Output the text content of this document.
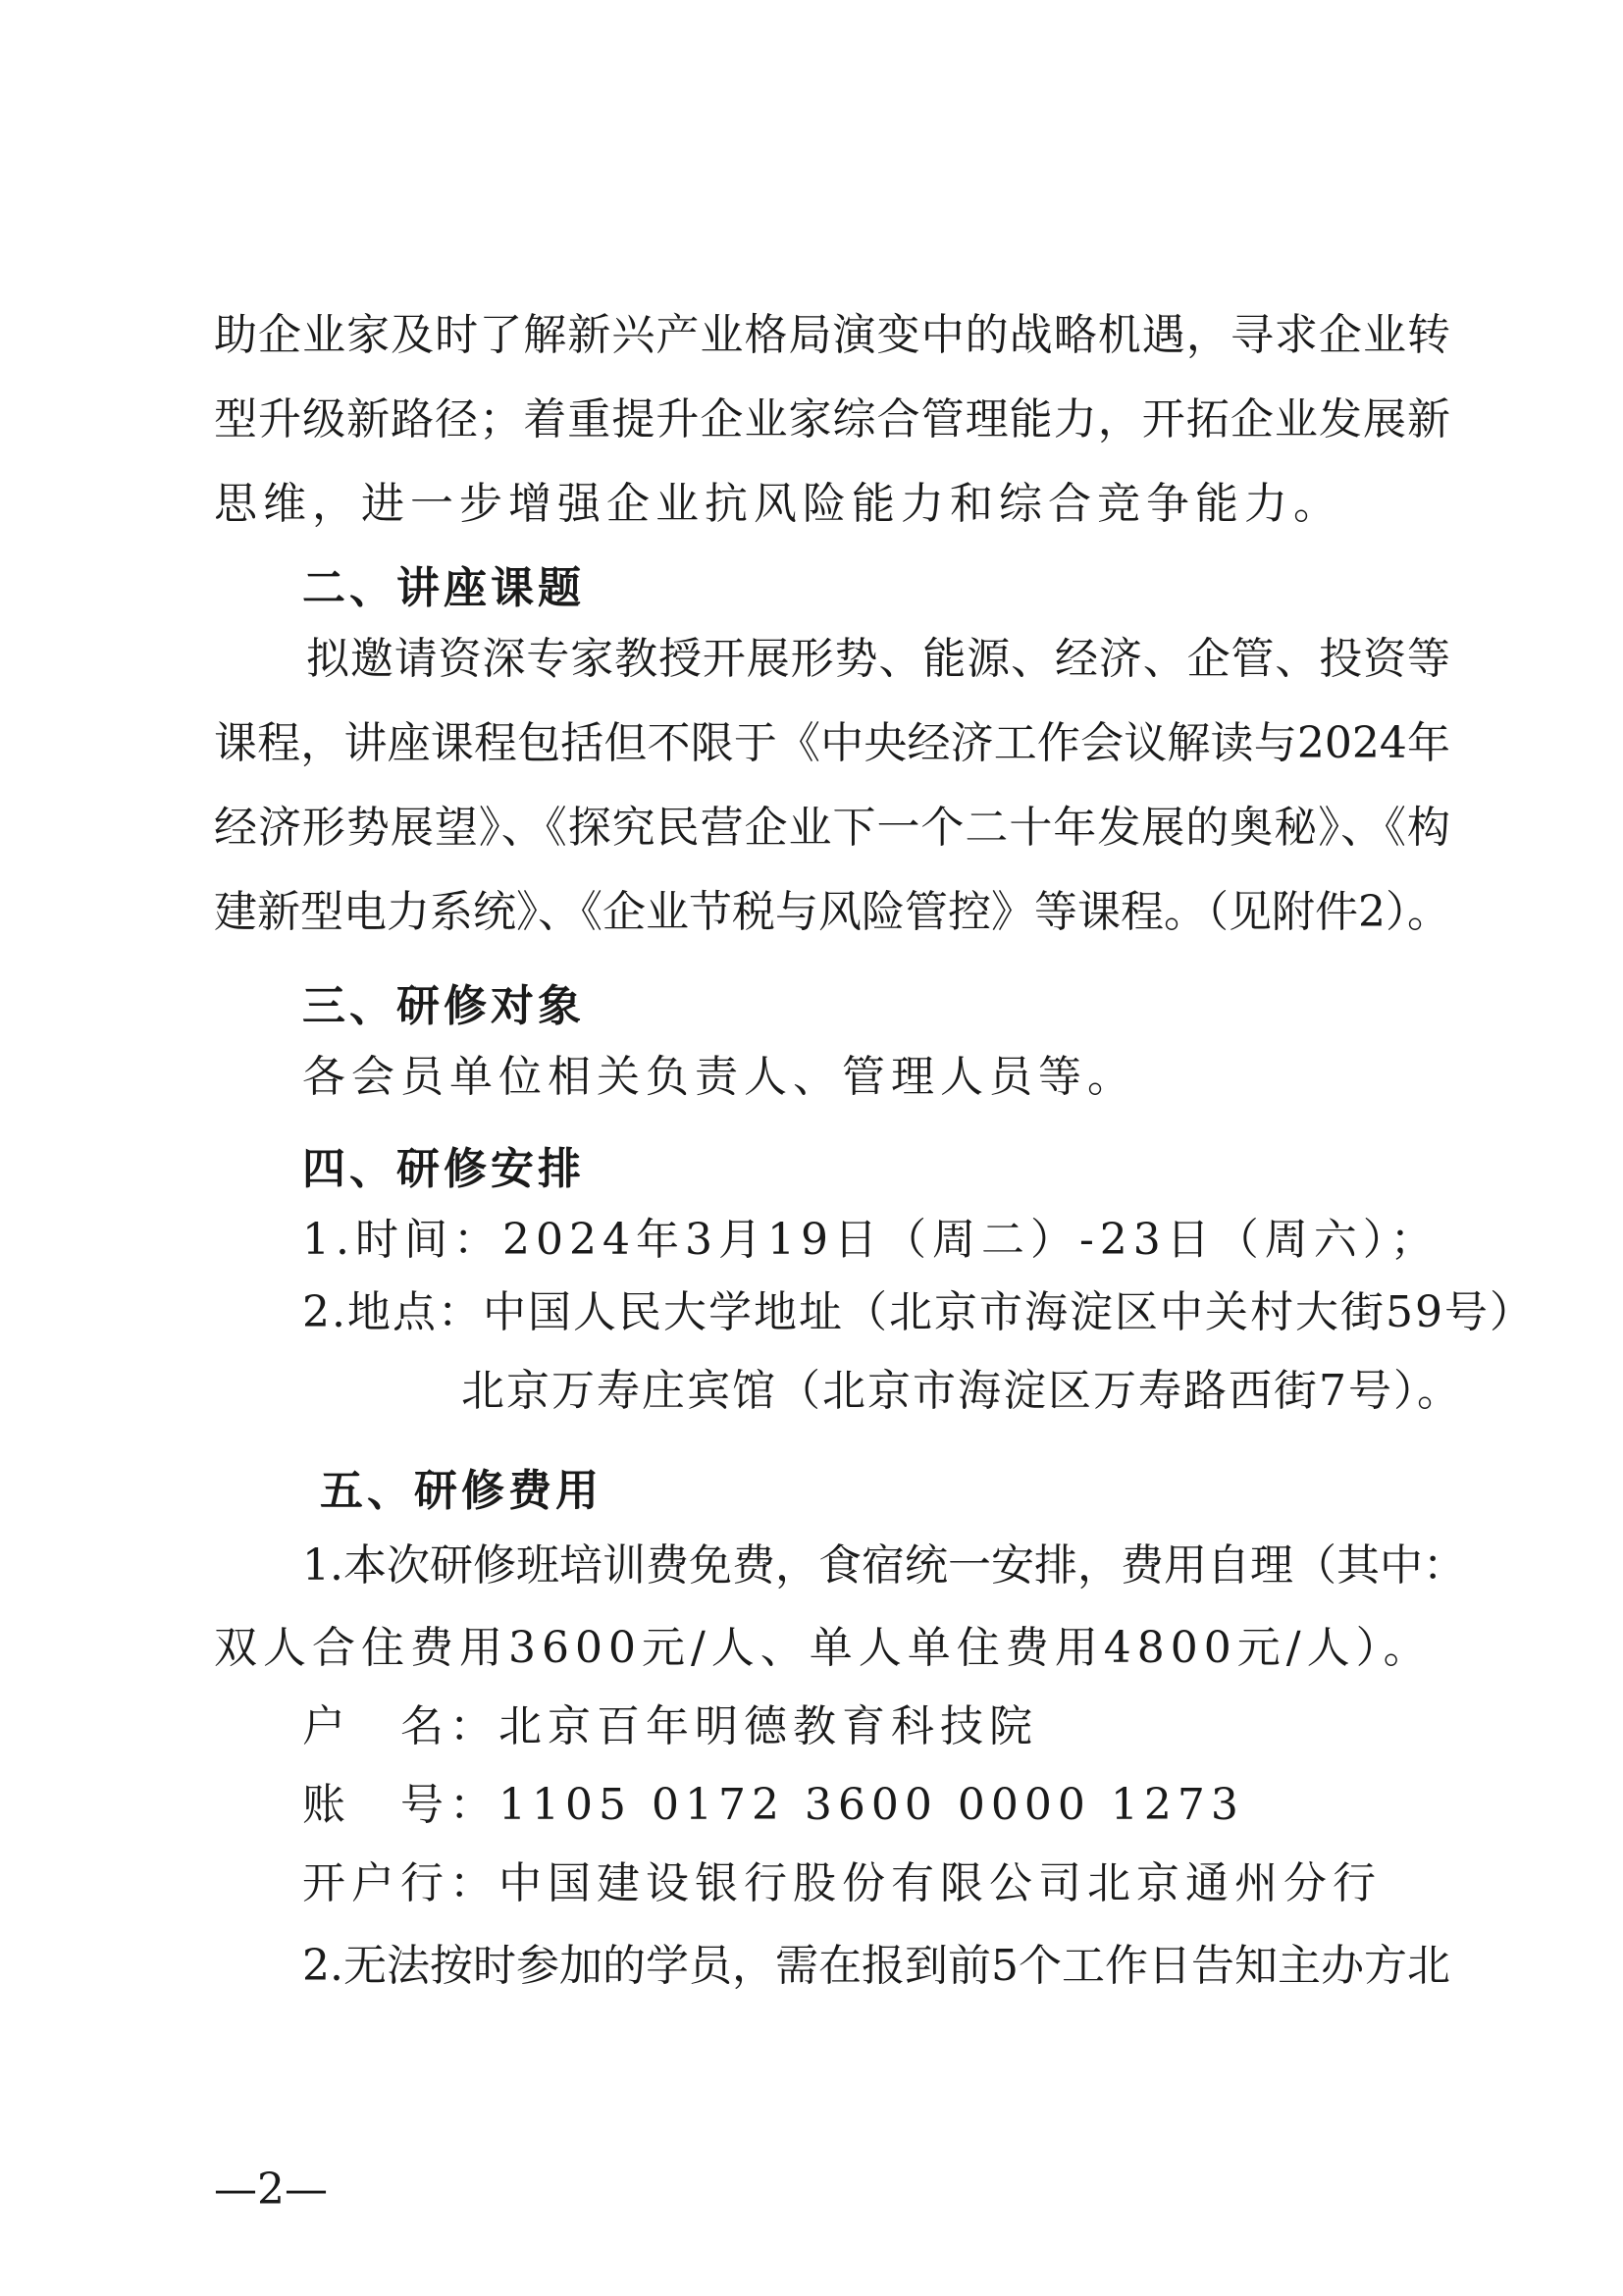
助企业家及时了解新兴产业格局演变中的战略机遇，寻求企业转
型升级新路径；着重提升企业家综合管理能力，开拓企业发展新
思维，进一步增强企业抗风险能力和综合竞争能力。
二、讲座课题
拟邀请资深专家教授开展形势、能源、经济、企管、投资等
课程，讲座课程包括但不限于《中央经济工作会议解读与2024年
经济形势展望》、《探究民营企业下一个二十年发展的奥秘》、《构
建新型电力系统》、《企业节税与风险管控》等课程。（见附件2）。
三、研修对象
各会员单位相关负责人、管理人员等。
四、研修安排
1.时间：2024年3月19日（周二）-23日（周六）；
2.地点：中国人民大学地址（北京市海淀区中关村大街59号）
北京万寿庄宾馆（北京市海淀区万寿路西街7号）。
五、研修费用
1.本次研修班培训费免费，食宿统一安排，费用自理（其中：
双人合住费用3600元/人、单人单住费用4800元/人）。
户　名：北京百年明德教育科技院
账　号：1105 0172 3600 0000 1273
开户行：中国建设银行股份有限公司北京通州分行
2.无法按时参加的学员，需在报到前5个工作日告知主办方北
—2—
